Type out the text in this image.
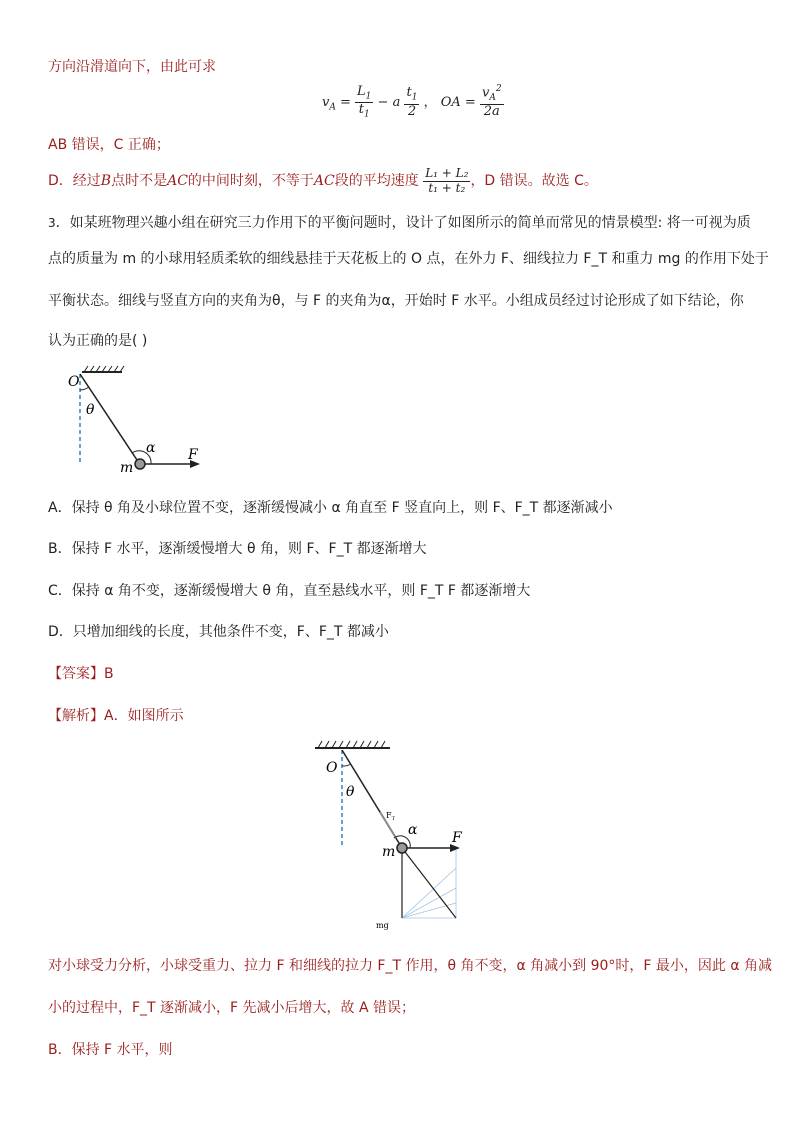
方向沿滑道向下，由此可求
$v_A = \frac{L_1}{t_1} - a \frac{t_1}{2}$ ， OA = $\frac{v_A^2}{2a}$
AB 错误，C 正确；
D．经过B点时不是AC的中间时刻，不等于AC段的平均速度 $\frac{\text{L₁ + L₂}}{\text{t₁ + t₂}}$ ，D 错误。故选 C。
3．如某班物理兴趣小组在研究三力作用下的平衡问题时，设计了如图所示的简单而常见的情景模型: 将一可视为质
点的质量为 m 的小球用轻质柔软的细线悬挂于天花板上的 O 点，在外力 F、细线拉力 F_T 和重力 mg 的作用下处于
平衡状态。细线与竖直方向的夹角为θ，与 F 的夹角为α，开始时 F 水平。小组成员经过讨论形成了如下结论，你
认为正确的是( )
O
θ
α F
m
A．保持 θ 角及小球位置不变，逐渐缓慢减小 α 角直至 F 竖直向上，则 F、F_T 都逐渐减小
B．保持 F 水平，逐渐缓慢增大 θ 角，则 F、F_T 都逐渐增大
C．保持 α 角不变，逐渐缓慢增大 θ 角，直至悬线水平，则 F_T F 都逐渐增大
D．只增加细线的长度，其他条件不变，F、F_T 都减小
【答案】B
【解析】A．如图所示
O
θ
$F_T$
α F
m
mg
对小球受力分析，小球受重力、拉力 F 和细线的拉力 F_T 作用，θ 角不变，α 角减小到 90°时，F 最小，因此 α 角减
小的过程中，F_T 逐渐减小，F 先减小后增大，故 A 错误；
B．保持 F 水平，则
